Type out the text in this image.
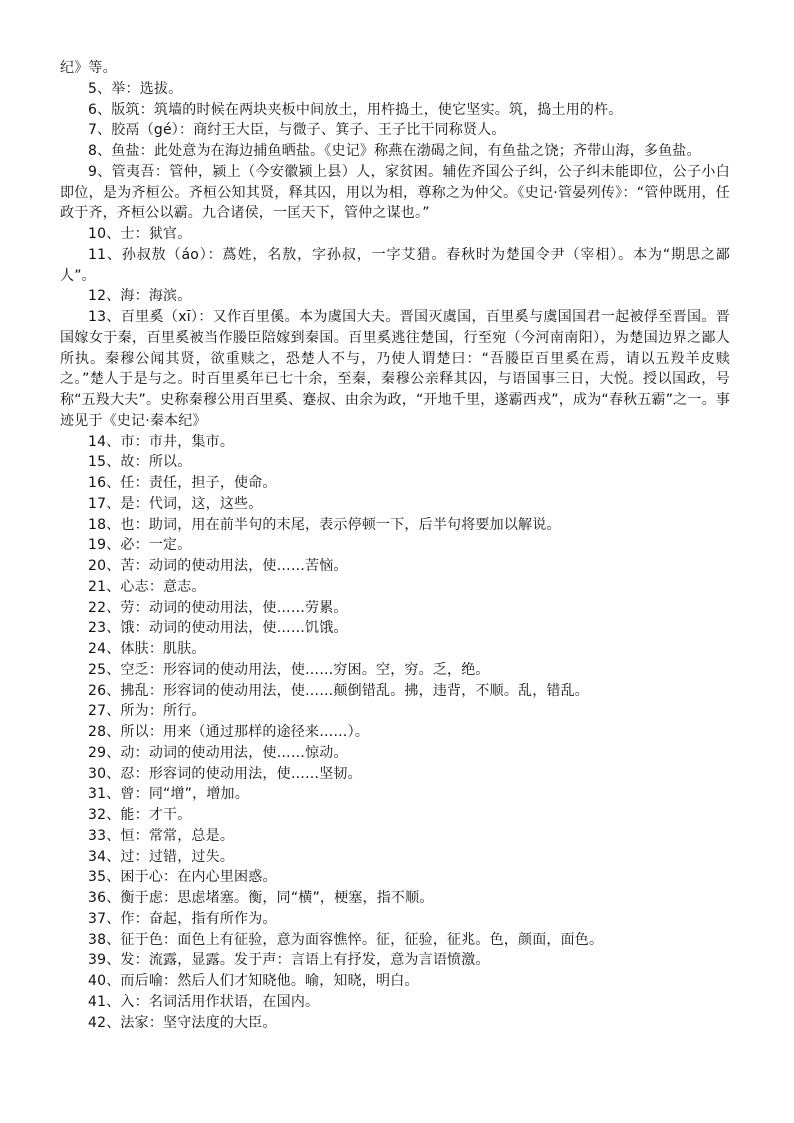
纪》等。
5、举：选拔。
6、版筑：筑墙的时候在两块夹板中间放土，用杵捣土，使它坚实。筑，捣土用的杵。
7、胶鬲（gé）：商纣王大臣，与微子、箕子、王子比干同称贤人。
8、鱼盐：此处意为在海边捕鱼晒盐。《史记》称燕在渤碣之间，有鱼盐之饶；齐带山海，多鱼盐。
9、管夷吾：管仲，颍上（今安徽颍上县）人，家贫困。辅佐齐国公子纠，公子纠未能即位，公子小白即位，是为齐桓公。齐桓公知其贤，释其囚，用以为相，尊称之为仲父。《史记·管晏列传》：“管仲既用，任政于齐，齐桓公以霸。九合诸侯，一匡天下，管仲之谋也。”
10、士：狱官。
11、孙叔敖（áo）：蔿姓，名敖，字孙叔，一字艾猎。春秋时为楚国令尹（宰相）。本为“期思之鄙人”。
12、海：海滨。
13、百里奚（xī）：又作百里傒。本为虞国大夫。晋国灭虞国，百里奚与虞国国君一起被俘至晋国。晋国嫁女于秦，百里奚被当作媵臣陪嫁到秦国。百里奚逃往楚国，行至宛（今河南南阳），为楚国边界之鄙人所执。秦穆公闻其贤，欲重赎之，恐楚人不与，乃使人谓楚曰：“吾媵臣百里奚在焉，请以五羖羊皮赎之。”楚人于是与之。时百里奚年已七十余，至秦，秦穆公亲释其囚，与语国事三日，大悦。授以国政，号称“五羖大夫”。史称秦穆公用百里奚、蹇叔、由余为政，“开地千里，遂霸西戎”，成为“春秋五霸”之一。事迹见于《史记·秦本纪》
14、市：市井，集市。
15、故：所以。
16、任：责任，担子，使命。
17、是：代词，这，这些。
18、也：助词，用在前半句的末尾，表示停顿一下，后半句将要加以解说。
19、必：一定。
20、苦：动词的使动用法，使……苦恼。
21、心志：意志。
22、劳：动词的使动用法，使……劳累。
23、饿：动词的使动用法，使……饥饿。
24、体肤：肌肤。
25、空乏：形容词的使动用法，使……穷困。空，穷。乏，绝。
26、拂乱：形容词的使动用法，使……颠倒错乱。拂，违背，不顺。乱，错乱。
27、所为：所行。
28、所以：用来（通过那样的途径来……）。
29、动：动词的使动用法，使……惊动。
30、忍：形容词的使动用法，使……坚韧。
31、曾：同“增”，增加。
32、能：才干。
33、恒：常常，总是。
34、过：过错，过失。
35、困于心：在内心里困惑。
36、衡于虑：思虑堵塞。衡，同“横”，梗塞，指不顺。
37、作：奋起，指有所作为。
38、征于色：面色上有征验，意为面容憔悴。征，征验，征兆。色，颜面，面色。
39、发：流露，显露。发于声：言语上有抒发，意为言语愤激。
40、而后喻：然后人们才知晓他。喻，知晓，明白。
41、入：名词活用作状语，在国内。
42、法家：坚守法度的大臣。
